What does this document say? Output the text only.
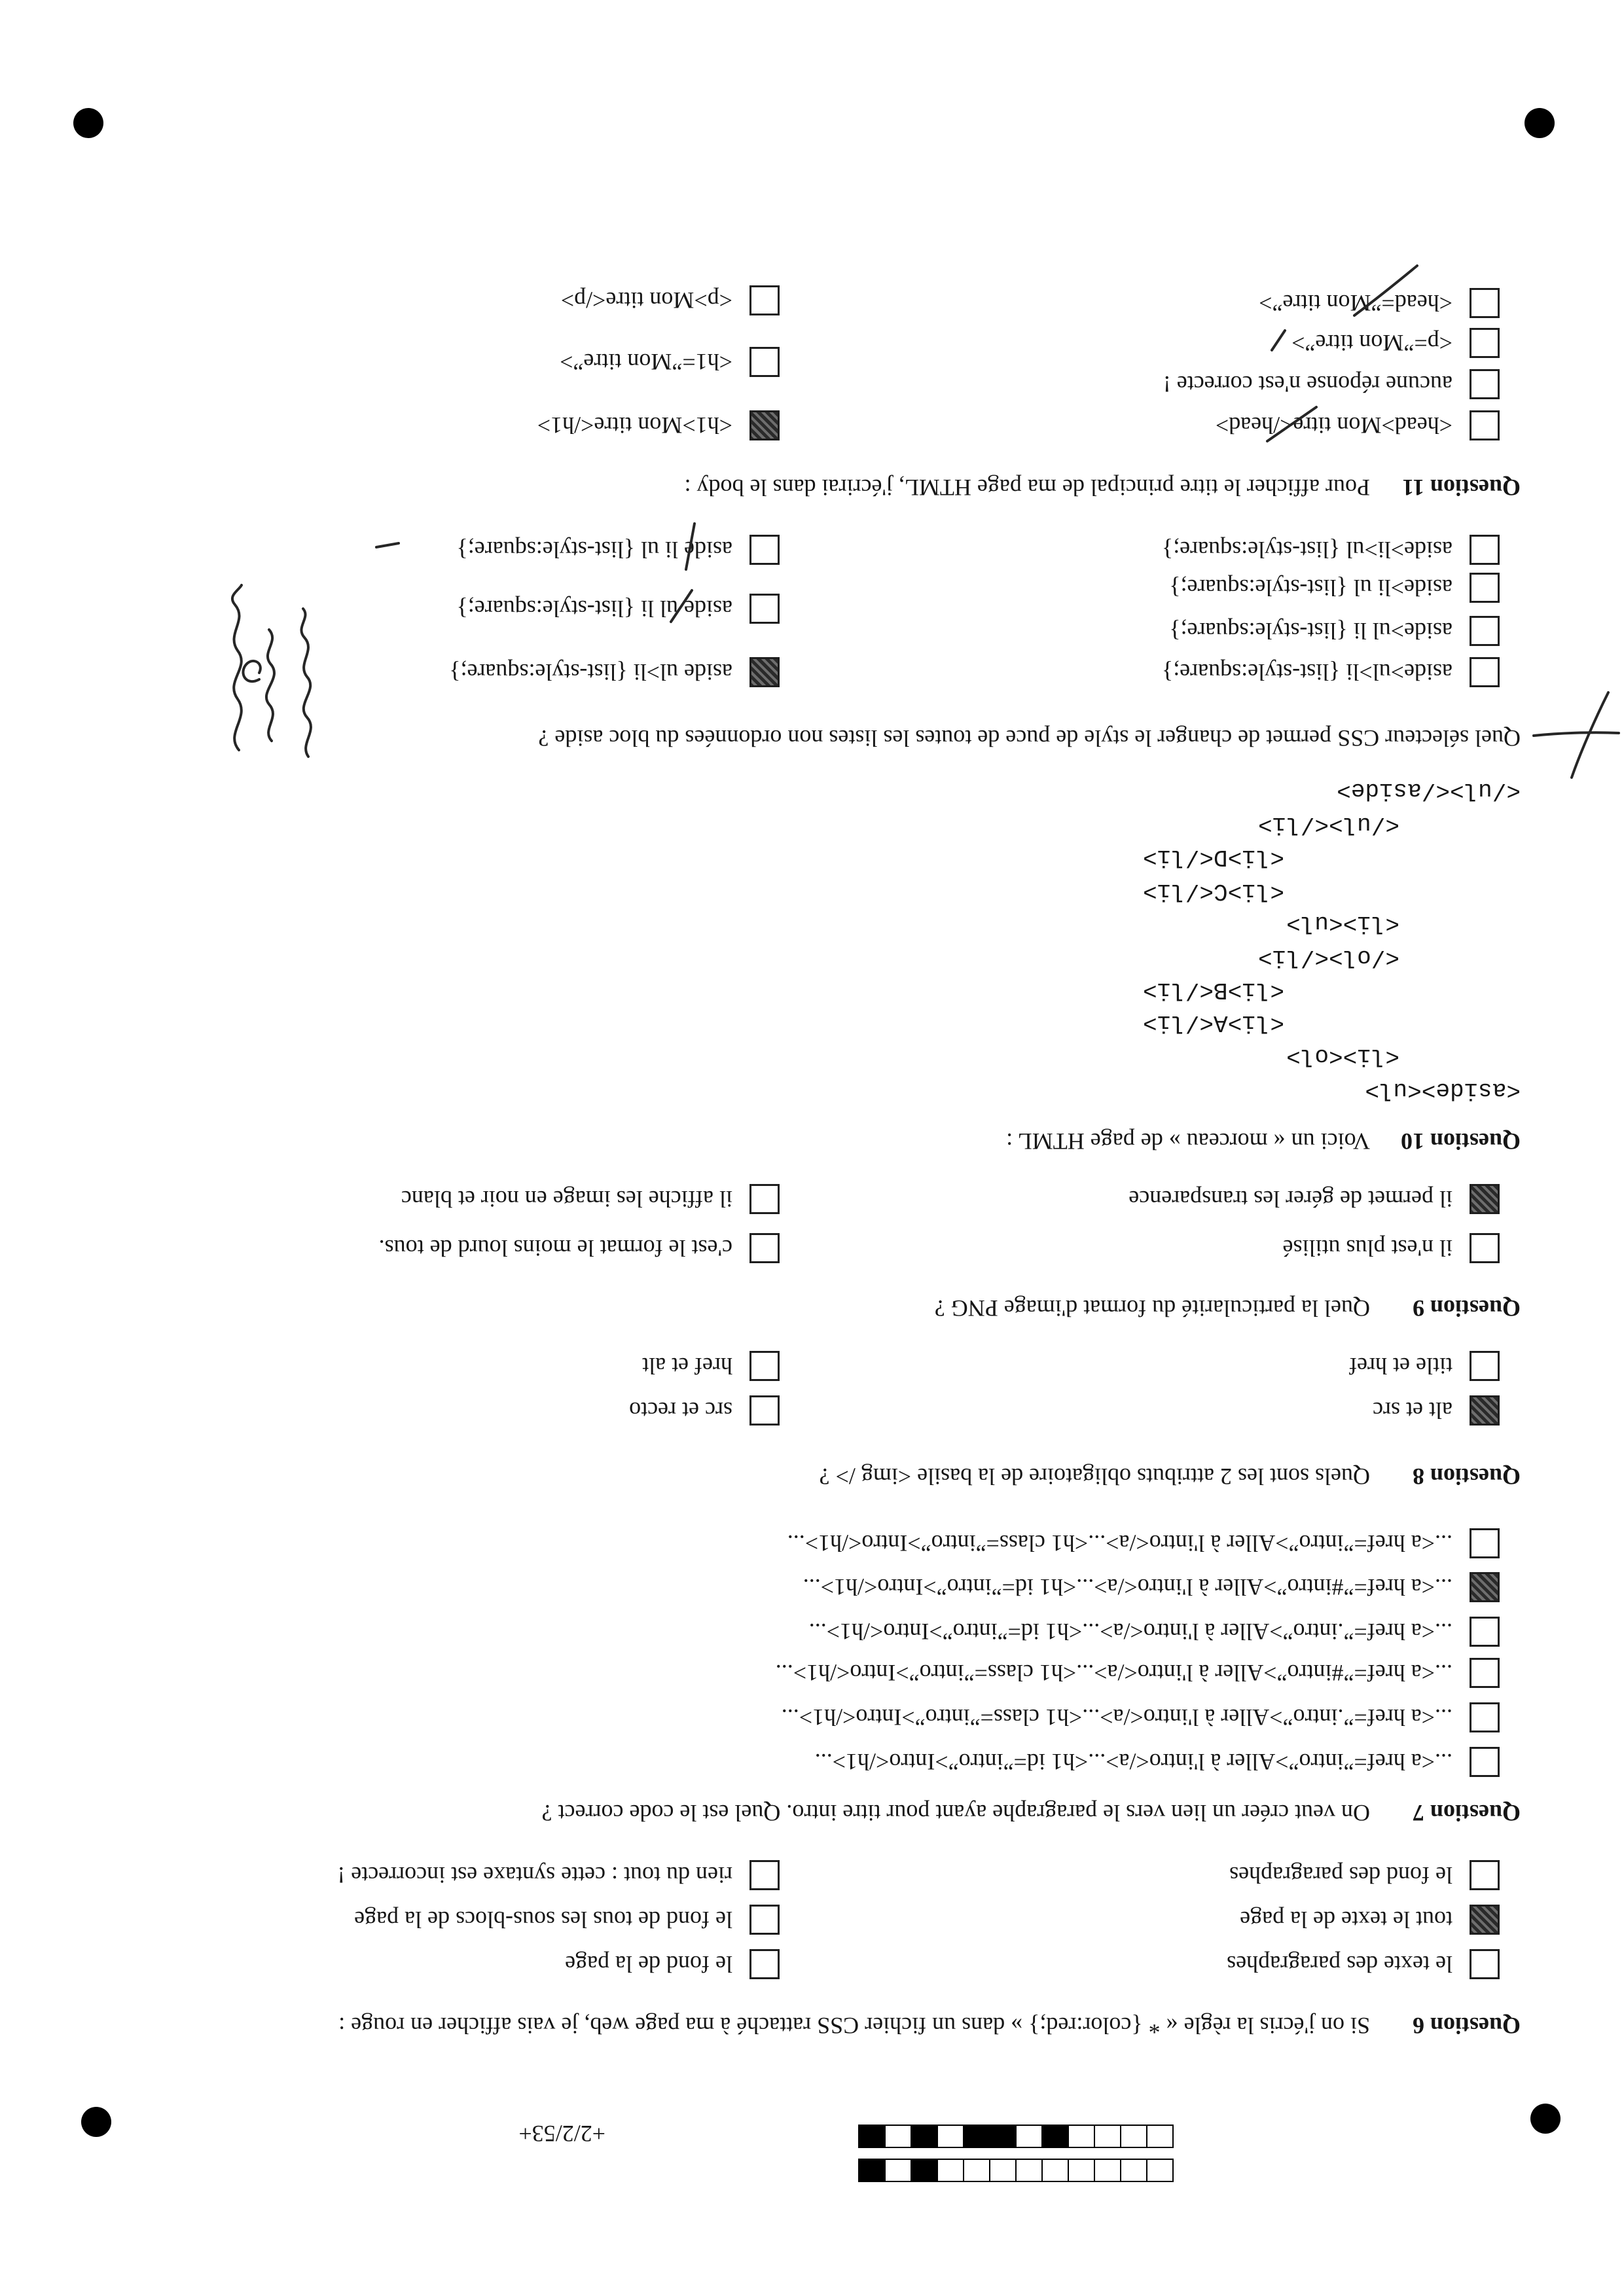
+2/2/53+
Question 6Si on j'écris la règle « * {color:red;} » dans un fichier CSS rattaché à ma page web, je vais afficher en rouge :
le texte des paragraphes
le fond de la page
tout le texte de la page
le fond de tous les sous-blocs de la page
le fond des paragraphes
rien du tout : cette syntaxe est incorrecte !
Question 7On veut créer un lien vers le paragraphe ayant pour titre intro. Quel est le code correct ?
...<a href=”intro”>Aller à l'intro</a>...<h1 id=”intro”>Intro</h1>...
...<a href=”.intro”>Aller à l'intro</a>...<h1 class=”intro”>Intro</h1>...
...<a href=”#intro”>Aller à l'intro</a>...<h1 class=”intro”>Intro</h1>...
...<a href=”.intro”>Aller à l'intro</a>...<h1 id=”intro”>Intro</h1>...
...<a href=”#intro”>Aller à l'intro</a>...<h1 id=”intro”>Intro</h1>...
...<a href=”intro”>Aller à l'intro</a>...<h1 class=”intro”>Intro</h1>...
Question 8Quels sont les 2 attributs obligatoire de la basile <img /> ?
alt et src
src et recto
title et href
href et alt
Question 9Quel la particularité du format d'image PNG ?
il n'est plus utilisé
c'est le format le moins lourd de tous.
il permet de gérer les transparence
il affiche les image en noir et blanc
Question 10Voici un « morceau » de page HTML :
<aside><ul>
<li><ol>
<li>A</li>
<li>B</li>
</ol></li>
<li><ul>
<li>C</li>
<li>D</li>
</ul></li>
</ul></aside>
Quel sélecteur CSS permet de changer le style de puce de toutes les listes non ordonnées du bloc aside ?
aside>ul>li {list-style:square;}
aside>ul li {list-style:square;}
aside>li ul {list-style:square;}
aside>li>ul {list-style:square;}
aside ul>li {list-style:square;}
aside ul li {list-style:square;}
aside li ul {list-style:square;}
Question 11Pour afficher le titre principal de ma page HTML, j'écrirai dans le body :
<head>Mon titre</head>
aucune réponse n'est correcte !
<p=”Mon titre”>
<head=”Mon titre”>
<h1>Mon titre</h1>
<h1=”Mon titre”>
<p>Mon titre</p>
